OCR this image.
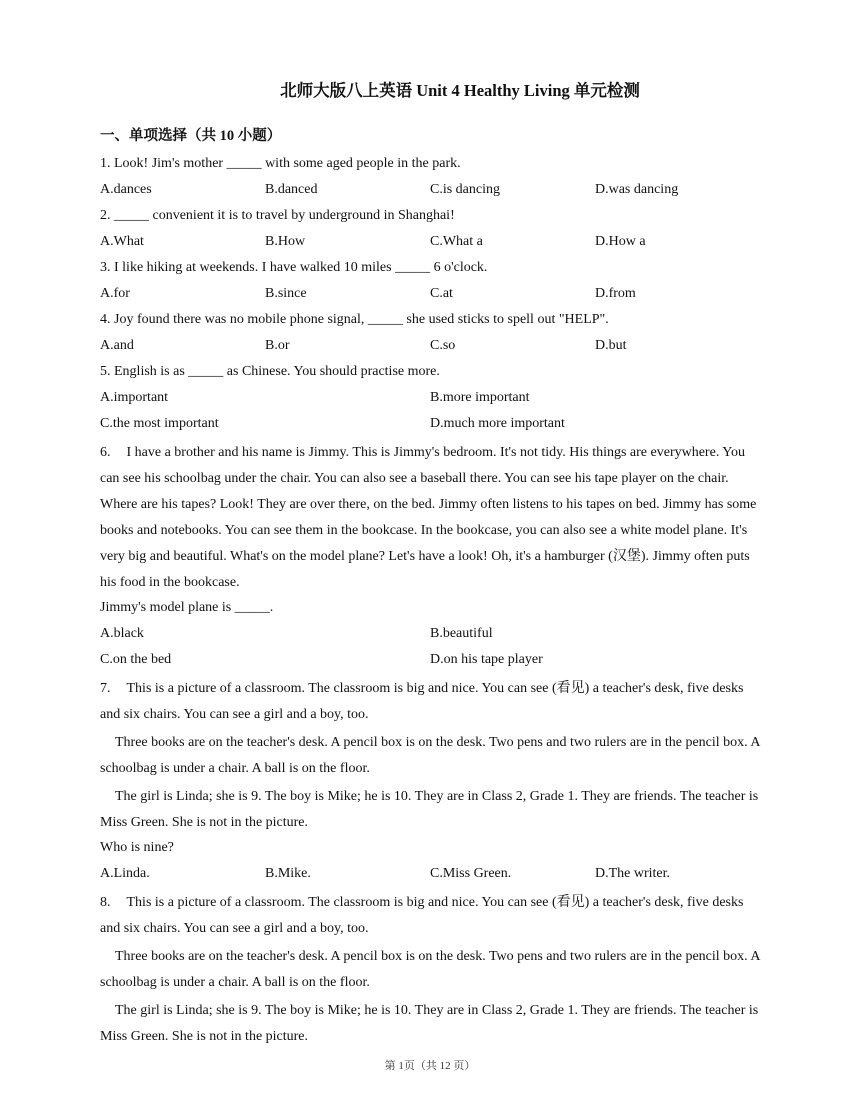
北师大版八上英语 Unit 4 Healthy Living 单元检测
一、单项选择（共 10 小题）
1. Look! Jim's mother _____ with some aged people in the park.
A.dances	B.danced	C.is dancing	D.was dancing
2. _____ convenient it is to travel by underground in Shanghai!
A.What	B.How	C.What a	D.How a
3. I like hiking at weekends. I have walked 10 miles _____ 6 o'clock.
A.for	B.since	C.at	D.from
4. Joy found there was no mobile phone signal, _____ she used sticks to spell out "HELP".
A.and	B.or	C.so	D.but
5. English is as _____ as Chinese. You should practise more.
A.important	B.more important
C.the most important	D.much more important
6. I have a brother and his name is Jimmy. This is Jimmy's bedroom. It's not tidy. His things are everywhere. You can see his schoolbag under the chair. You can also see a baseball there. You can see his tape player on the chair. Where are his tapes? Look! They are over there, on the bed. Jimmy often listens to his tapes on bed. Jimmy has some books and notebooks. You can see them in the bookcase. In the bookcase, you can also see a white model plane. It's very big and beautiful. What's on the model plane? Let's have a look! Oh, it's a hamburger (汉堡). Jimmy often puts his food in the bookcase.
Jimmy's model plane is _____.
A.black	B.beautiful
C.on the bed	D.on his tape player
7. This is a picture of a classroom. The classroom is big and nice. You can see (看见) a teacher's desk, five desks and six chairs. You can see a girl and a boy, too.
Three books are on the teacher's desk. A pencil box is on the desk. Two pens and two rulers are in the pencil box. A schoolbag is under a chair. A ball is on the floor.
The girl is Linda; she is 9. The boy is Mike; he is 10. They are in Class 2, Grade 1. They are friends. The teacher is Miss Green. She is not in the picture.
Who is nine?
A.Linda.	B.Mike.	C.Miss Green.	D.The writer.
8. This is a picture of a classroom. The classroom is big and nice. You can see (看见) a teacher's desk, five desks and six chairs. You can see a girl and a boy, too.
Three books are on the teacher's desk. A pencil box is on the desk. Two pens and two rulers are in the pencil box. A schoolbag is under a chair. A ball is on the floor.
The girl is Linda; she is 9. The boy is Mike; he is 10. They are in Class 2, Grade 1. They are friends. The teacher is Miss Green. She is not in the picture.
第 1页（共 12 页）
